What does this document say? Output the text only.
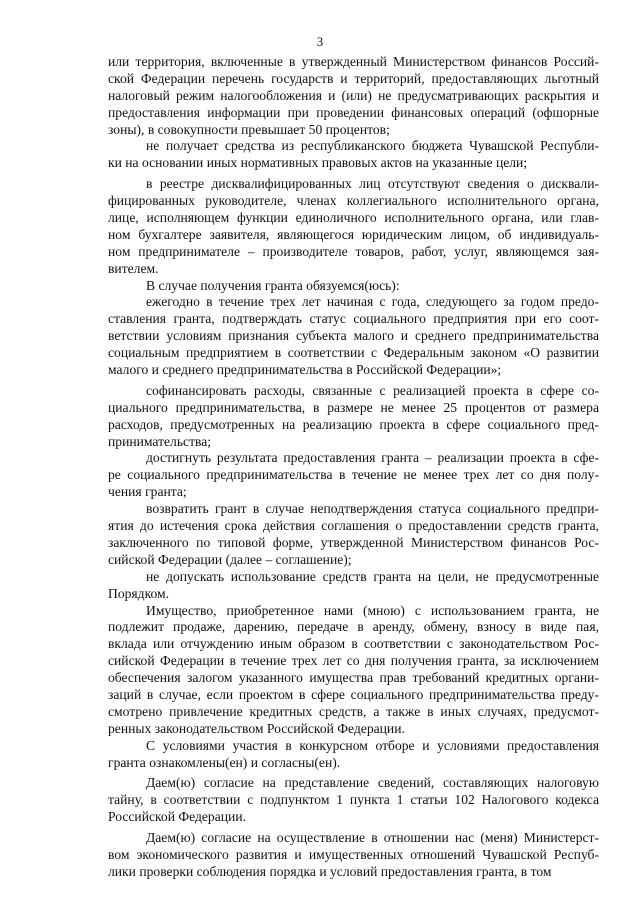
3
или территория, включенные в утвержденный Министерством финансов Россий-
ской Федерации перечень государств и территорий, предоставляющих льготный
налоговый режим налогообложения и (или) не предусматривающих раскрытия и
предоставления информации при проведении финансовых операций (офшорные
зоны), в совокупности превышает 50 процентов;
не получает средства из республиканского бюджета Чувашской Республи-
ки на основании иных нормативных правовых актов на указанные цели;
в реестре дисквалифицированных лиц отсутствуют сведения о дисквали-
фицированных руководителе, членах коллегиального исполнительного органа,
лице, исполняющем функции единоличного исполнительного органа, или глав-
ном бухгалтере заявителя, являющегося юридическим лицом, об индивидуаль-
ном предпринимателе – производителе товаров, работ, услуг, являющемся зая-
вителем.
В случае получения гранта обязуемся(юсь):
ежегодно в течение трех лет начиная с года, следующего за годом предо-
ставления гранта, подтверждать статус социального предприятия при его соот-
ветствии условиям признания субъекта малого и среднего предпринимательства
социальным предприятием в соответствии с Федеральным законом «О развитии
малого и среднего предпринимательства в Российской Федерации»;
софинансировать расходы, связанные с реализацией проекта в сфере со-
циального предпринимательства, в размере не менее 25 процентов от размера
расходов, предусмотренных на реализацию проекта в сфере социального пред-
принимательства;
достигнуть результата предоставления гранта – реализации проекта в сфе-
ре социального предпринимательства в течение не менее трех лет со дня полу-
чения гранта;
возвратить грант в случае неподтверждения статуса социального предпри-
ятия до истечения срока действия соглашения о предоставлении средств гранта,
заключенного по типовой форме, утвержденной Министерством финансов Рос-
сийской Федерации (далее – соглашение);
не допускать использование средств гранта на цели, не предусмотренные
Порядком.
Имущество, приобретенное нами (мною) с использованием гранта, не
подлежит продаже, дарению, передаче в аренду, обмену, взносу в виде пая,
вклада или отчуждению иным образом в соответствии с законодательством Рос-
сийской Федерации в течение трех лет со дня получения гранта, за исключением
обеспечения залогом указанного имущества прав требований кредитных органи-
заций в случае, если проектом в сфере социального предпринимательства преду-
смотрено привлечение кредитных средств, а также в иных случаях, предусмот-
ренных законодательством Российской Федерации.
С условиями участия в конкурсном отборе и условиями предоставления
гранта ознакомлены(ен) и согласны(ен).
Даем(ю) согласие на представление сведений, составляющих налоговую
тайну, в соответствии с подпунктом 1 пункта 1 статьи 102 Налогового кодекса
Российской Федерации.
Даем(ю) согласие на осуществление в отношении нас (меня) Министерст-
вом экономического развития и имущественных отношений Чувашской Респуб-
лики проверки соблюдения порядка и условий предоставления гранта, в том
